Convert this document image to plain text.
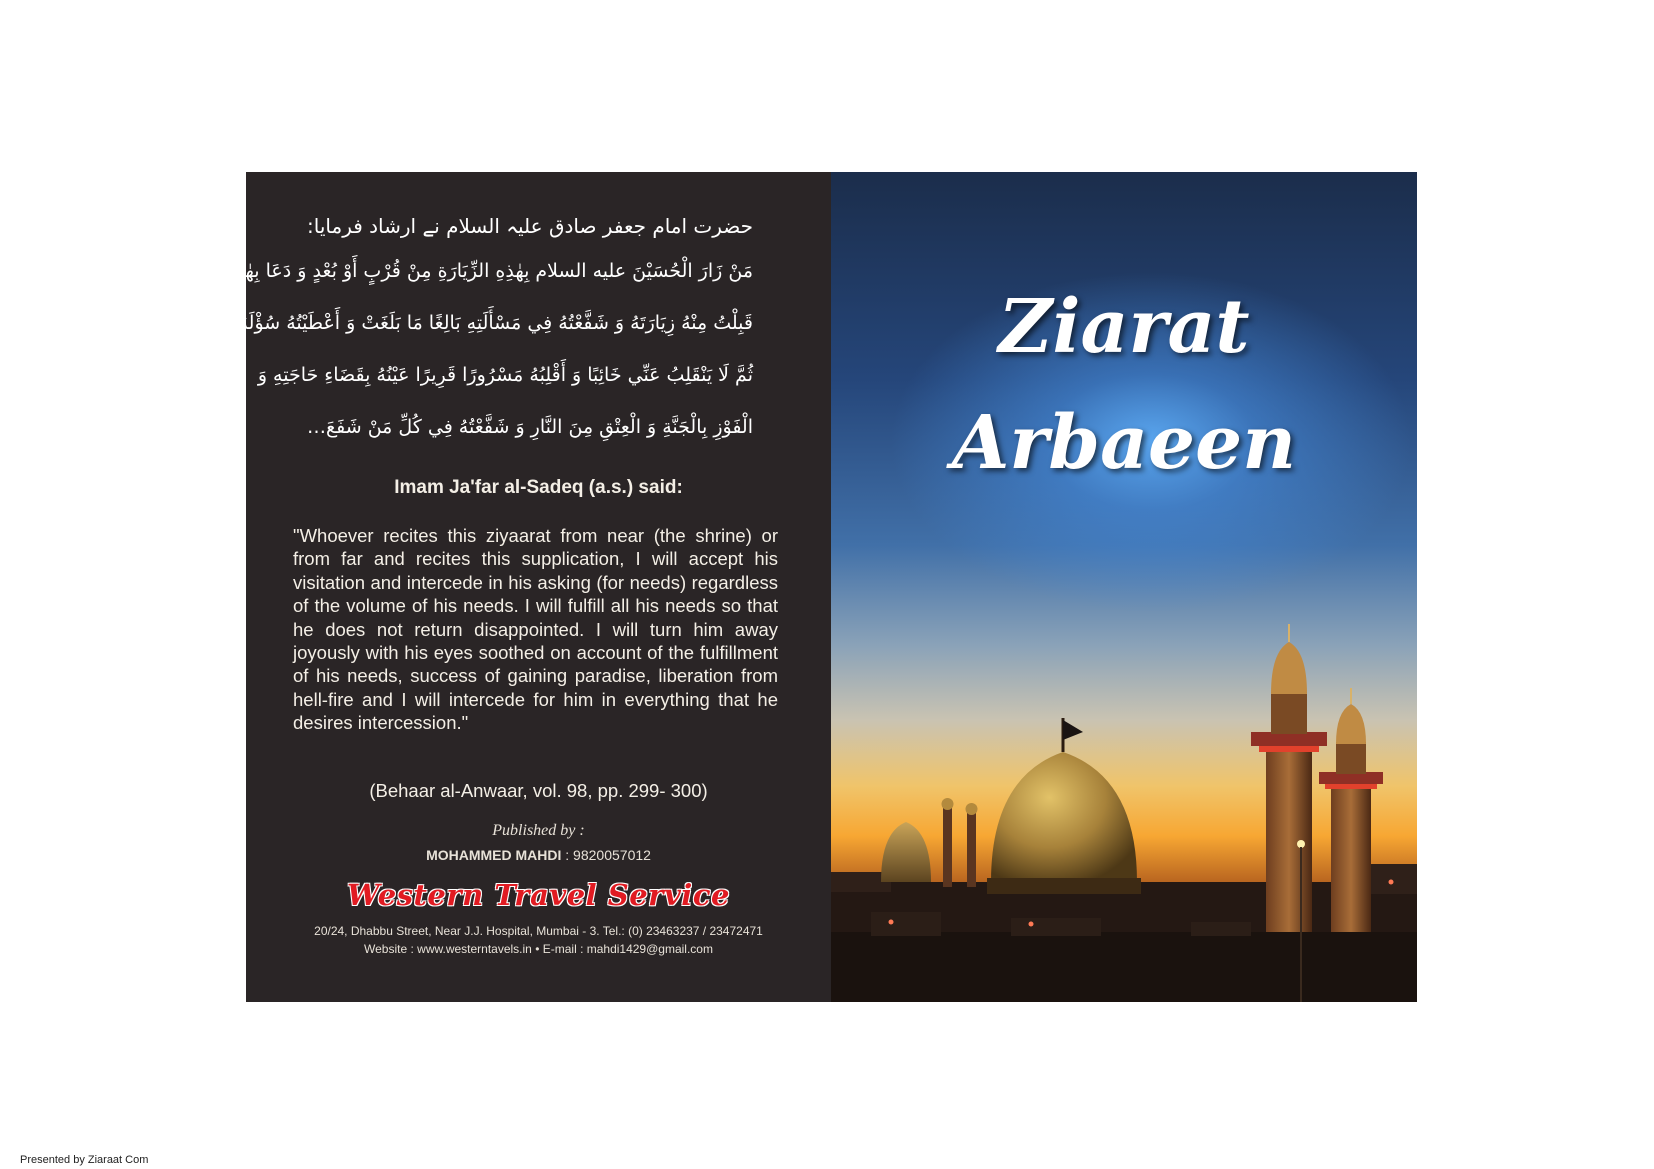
حضرت امام جعفر صادق علیہ السلام نے ارشاد فرمایا:
مَنْ زَارَ الْحُسَيْنَ عليه السلام بِهٰذِهِ الزِّيَارَةِ مِنْ قُرْبٍ أَوْ بُعْدٍ وَ دَعَا بِهٰذَا الدُّعَاءِ
قَبِلْتُ مِنْهُ زِيَارَتَهُ وَ شَفَّعْتُهُ فِي مَسْأَلَتِهِ بَالِغًا مَا بَلَغَتْ وَ أَعْطَيْتُهُ سُؤْلَهُ
ثُمَّ لَا يَنْقَلِبُ عَنِّي خَائِبًا وَ أَقْلِبُهُ مَسْرُورًا قَرِيرًا عَيْنُهُ بِقَضَاءِ حَاجَتِهِ وَ
الْفَوْزِ بِالْجَنَّةِ وَ الْعِتْقِ مِنَ النَّارِ وَ شَفَّعْتُهُ فِي كُلِّ مَنْ شَفَعَ…
Imam Ja'far al-Sadeq (a.s.) said:
"Whoever recites this ziyaarat from near (the shrine) or from far and recites this supplication, I will accept his visitation and intercede in his asking (for needs) regardless of the volume of his needs. I will fulfill all his needs so that he does not return disappointed. I will turn him away joyously with his eyes soothed on account of the fulfillment of his needs, success of gaining paradise, liberation from hell-fire and I will intercede for him in everything that he desires intercession."
(Behaar al-Anwaar, vol. 98, pp. 299- 300)
Published by :
MOHAMMED MAHDI : 9820057012
Western Travel Service
20/24, Dhabbu Street, Near J.J. Hospital, Mumbai - 3. Tel.: (0) 23463237 / 23472471
Website : www.westerntavels.in • E-mail : mahdi1429@gmail.com
Ziarat
Arbaeen
Presented by Ziaraat Com
